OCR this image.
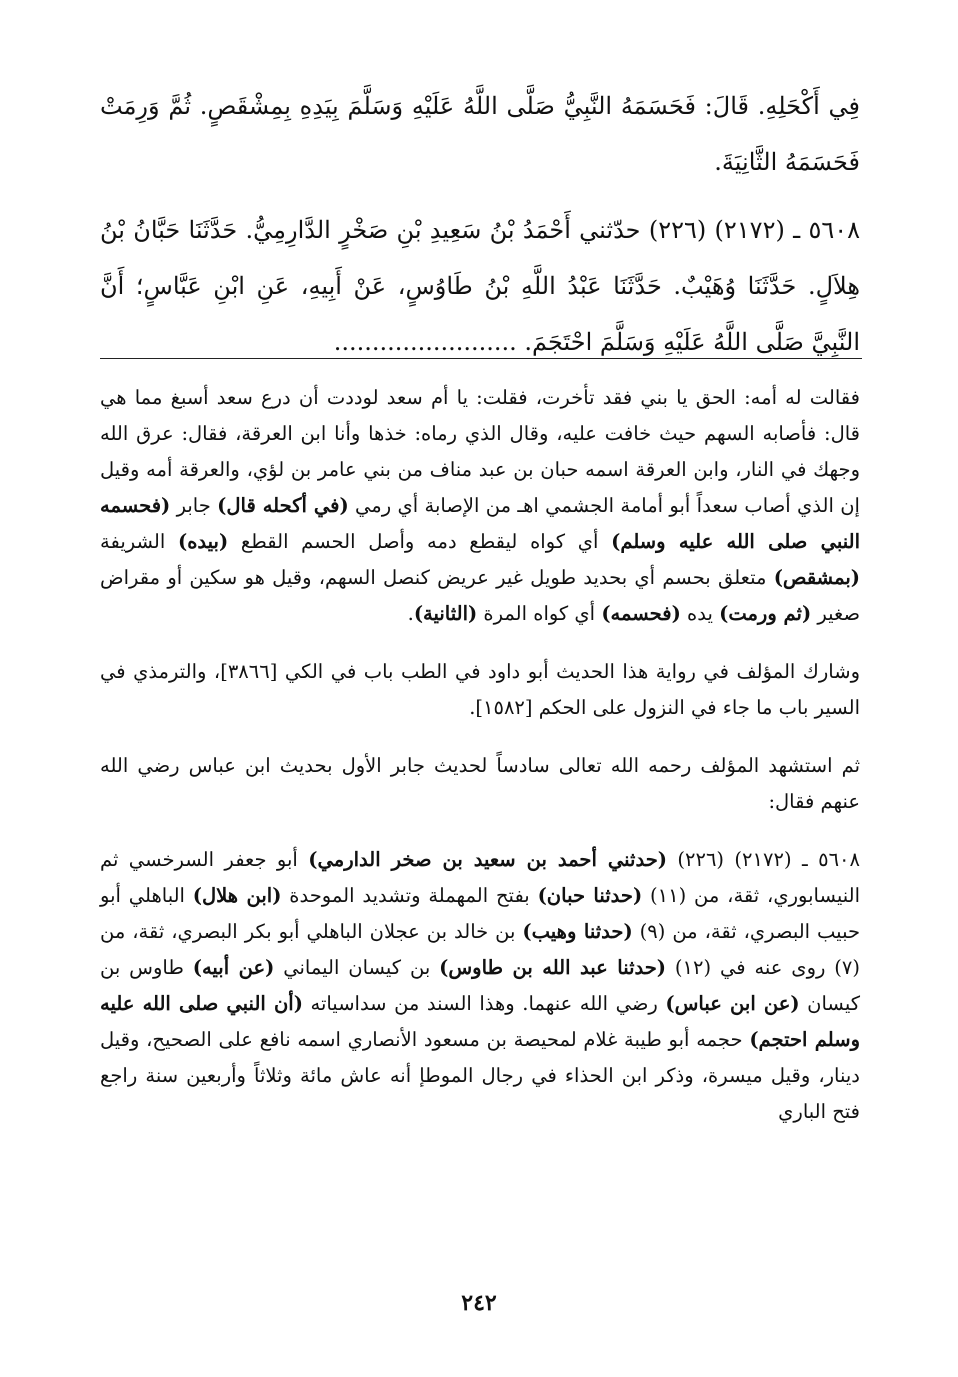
فِي أَكْحَلِهِ. قَالَ: فَحَسَمَهُ النَّبِيُّ صَلَّى اللَّهُ عَلَيْهِ وَسَلَّمَ بِيَدِهِ بِمِشْقَصٍ. ثُمَّ وَرِمَتْ فَحَسَمَهُ الثَّانِيَةَ.

٥٦٠٨ ـ (٢١٧٢) (٢٢٦) حدّثني أَحْمَدُ بْنُ سَعِيدِ بْنِ صَخْرٍ الدَّارِمِيُّ. حَدَّثَنَا حَبَّانُ بْنُ هِلاَلٍ. حَدَّثَنَا وُهَيْبٌ. حَدَّثَنَا عَبْدُ اللَّهِ بْنُ طَاوُسٍ، عَنْ أَبِيهِ، عَنِ ابْنِ عَبَّاسٍ؛ أَنَّ النَّبِيَّ صَلَّى اللَّهُ عَلَيْهِ وَسَلَّمَ احْتَجَمَ. ........................

فقالت له أمه: الحق يا بني فقد تأخرت، فقلت: يا أم سعد لوددت أن درع سعد أسبغ مما هي قال: فأصابه السهم حيث خافت عليه، وقال الذي رماه: خذها وأنا ابن العرقة، فقال: عرق الله وجهك في النار، وابن العرقة اسمه حبان بن عبد مناف من بني عامر بن لؤي، والعرقة أمه وقيل إن الذي أصاب سعداً أبو أمامة الجشمي اهـ من الإصابة أي رمي (في أكحله قال) جابر (فحسمه النبي صلى الله عليه وسلم) أي كواه ليقطع دمه وأصل الحسم القطع (بيده) الشريفة (بمشقص) متعلق بحسم أي بحديد طويل غير عريض كنصل السهم، وقيل هو سكين أو مقراض صغير (ثم ورمت) يده (فحسمه) أي كواه المرة (الثانية).

وشارك المؤلف في رواية هذا الحديث أبو داود في الطب باب في الكي [٣٨٦٦]، والترمذي في السير باب ما جاء في النزول على الحكم [١٥٨٢].

ثم استشهد المؤلف رحمه الله تعالى سادساً لحديث جابر الأول بحديث ابن عباس رضي الله عنهم فقال:

٥٦٠٨ ـ (٢١٧٢) (٢٢٦) (حدثني أحمد بن سعيد بن صخر الدارمي) أبو جعفر السرخسي ثم النيسابوري، ثقة، من (١١) (حدثنا حبان) بفتح المهملة وتشديد الموحدة (ابن هلال) الباهلي أبو حبيب البصري، ثقة، من (٩) (حدثنا وهيب) بن خالد بن عجلان الباهلي أبو بكر البصري، ثقة، من (٧) روى عنه في (١٢) (حدثنا عبد الله بن طاوس) بن كيسان اليماني (عن أبيه) طاوس بن كيسان (عن ابن عباس) رضي الله عنهما. وهذا السند من سداسياته (أن النبي صلى الله عليه وسلم احتجم) حجمه أبو طيبة غلام لمحيصة بن مسعود الأنصاري اسمه نافع على الصحيح، وقيل دينار، وقيل ميسرة، وذكر ابن الحذاء في رجال الموطإ أنه عاش مائة وثلاثاً وأربعين سنة راجع فتح الباري

٢٤٢
